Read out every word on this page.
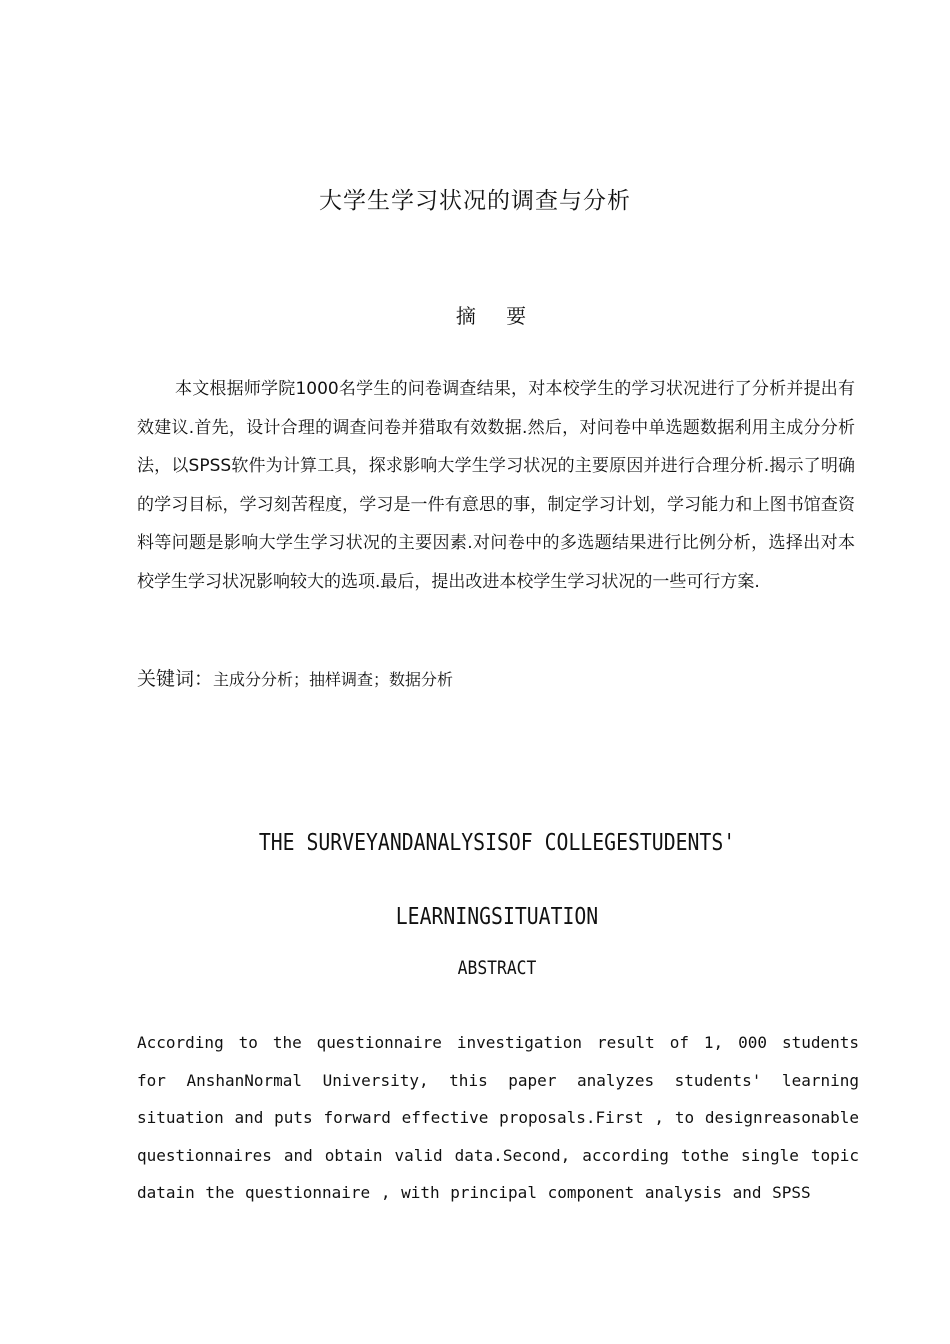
大学生学习状况的调查与分析
摘 要
本文根据师学院1000名学生的问卷调查结果，对本校学生的学习状况进行了分析并提出有效建议.首先，设计合理的调查问卷并猎取有效数据.然后，对问卷中单选题数据利用主成分分析法，以SPSS软件为计算工具，探求影响大学生学习状况的主要原因并进行合理分析.揭示了明确的学习目标，学习刻苦程度，学习是一件有意思的事，制定学习计划，学习能力和上图书馆查资料等问题是影响大学生学习状况的主要因素.对问卷中的多选题结果进行比例分析，选择出对本校学生学习状况影响较大的选项.最后，提出改进本校学生学习状况的一些可行方案.
关键词：主成分分析；抽样调查；数据分析
THE SURVEYANDANALYSISOF COLLEGESTUDENTS'
LEARNINGSITUATION
ABSTRACT
According to the questionnaire investigation result of 1, 000 students for AnshanNormal University, this paper analyzes students' learning situation and puts forward effective proposals.First , to designreasonable questionnaires and obtain valid data.Second, according tothe single topic datain the questionnaire , with principal component analysis and SPSS
